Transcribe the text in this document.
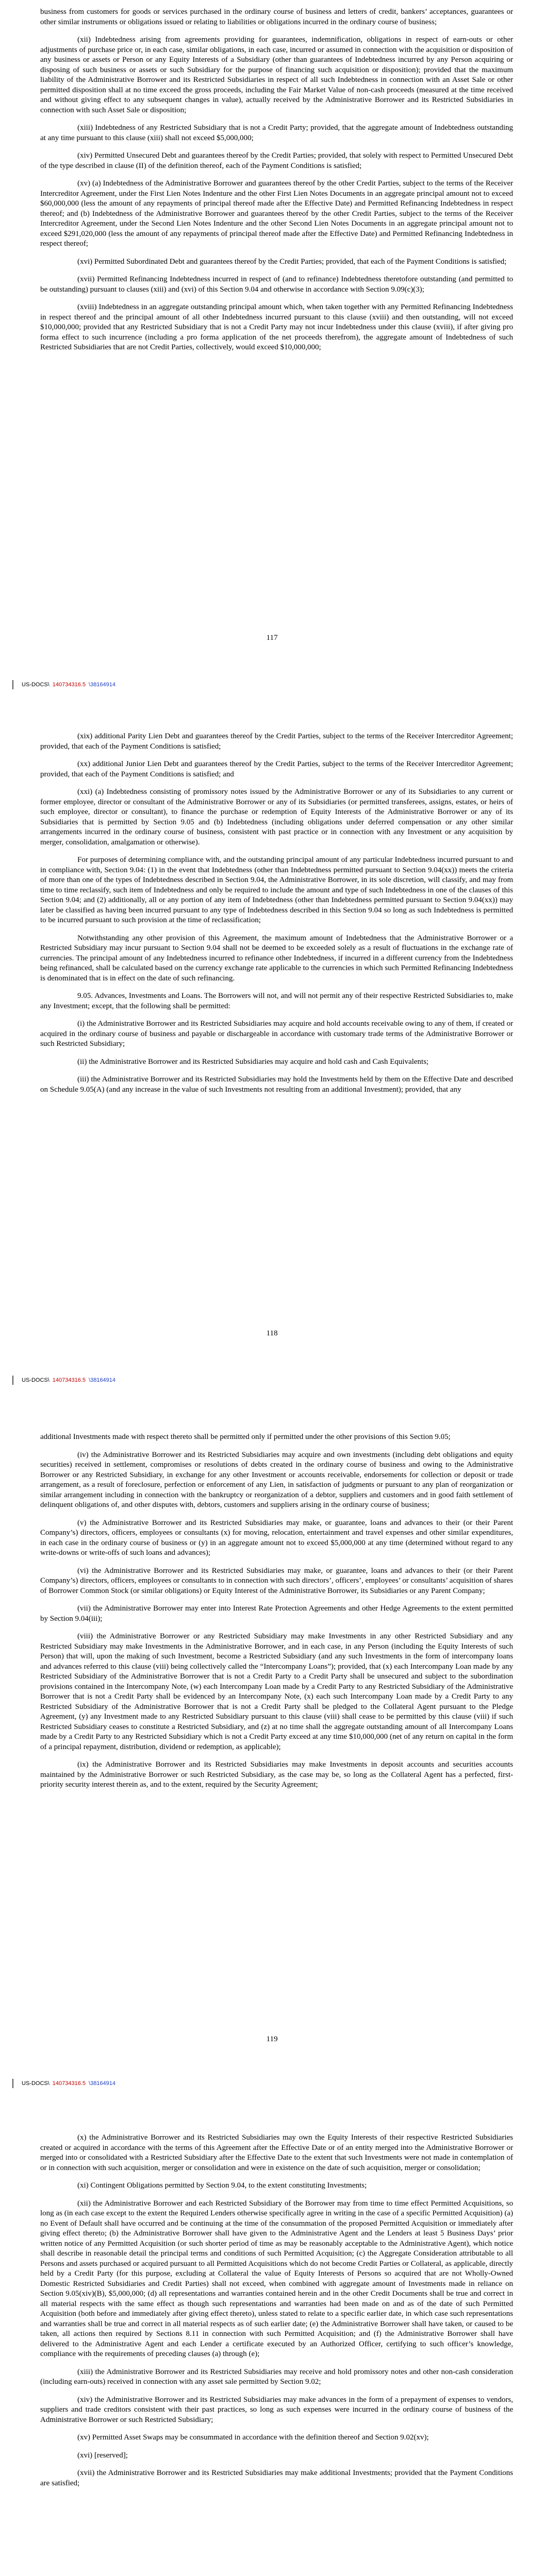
business from customers for goods or services purchased in the ordinary course of business and letters of credit, bankers’ acceptances, guarantees or other similar instruments or obligations issued or relating to liabilities or obligations incurred in the ordinary course of business;

(xii) Indebtedness arising from agreements providing for guarantees, indemnification, obligations in respect of earn-outs or other adjustments of purchase price or, in each case, similar obligations, in each case, incurred or assumed in connection with the acquisition or disposition of any business or assets or Person or any Equity Interests of a Subsidiary (other than guarantees of Indebtedness incurred by any Person acquiring or disposing of such business or assets or such Subsidiary for the purpose of financing such acquisition or disposition); provided that the maximum liability of the Administrative Borrower and its Restricted Subsidiaries in respect of all such Indebtedness in connection with an Asset Sale or other permitted disposition shall at no time exceed the gross proceeds, including the Fair Market Value of non-cash proceeds (measured at the time received and without giving effect to any subsequent changes in value), actually received by the Administrative Borrower and its Restricted Subsidiaries in connection with such Asset Sale or disposition;

(xiii) Indebtedness of any Restricted Subsidiary that is not a Credit Party; provided, that the aggregate amount of Indebtedness outstanding at any time pursuant to this clause (xiii) shall not exceed $5,000,000;

(xiv) Permitted Unsecured Debt and guarantees thereof by the Credit Parties; provided, that solely with respect to Permitted Unsecured Debt of the type described in clause (II) of the definition thereof, each of the Payment Conditions is satisfied;

(xv) (a) Indebtedness of the Administrative Borrower and guarantees thereof by the other Credit Parties, subject to the terms of the Receiver Intercreditor Agreement, under the First Lien Notes Indenture and the other First Lien Notes Documents in an aggregate principal amount not to exceed $60,000,000 (less the amount of any repayments of principal thereof made after the Effective Date) and Permitted Refinancing Indebtedness in respect thereof; and (b) Indebtedness of the Administrative Borrower and guarantees thereof by the other Credit Parties, subject to the terms of the Receiver Intercreditor Agreement, under the Second Lien Notes Indenture and the other Second Lien Notes Documents in an aggregate principal amount not to exceed $291,020,000 (less the amount of any repayments of principal thereof made after the Effective Date) and Permitted Refinancing Indebtedness in respect thereof;

(xvi) Permitted Subordinated Debt and guarantees thereof by the Credit Parties; provided, that each of the Payment Conditions is satisfied;

(xvii) Permitted Refinancing Indebtedness incurred in respect of (and to refinance) Indebtedness theretofore outstanding (and permitted to be outstanding) pursuant to clauses (xiii) and (xvi) of this Section 9.04 and otherwise in accordance with Section 9.09(c)(3);

(xviii) Indebtedness in an aggregate outstanding principal amount which, when taken together with any Permitted Refinancing Indebtedness in respect thereof and the principal amount of all other Indebtedness incurred pursuant to this clause (xviii) and then outstanding, will not exceed $10,000,000; provided that any Restricted Subsidiary that is not a Credit Party may not incur Indebtedness under this clause (xviii), if after giving pro forma effect to such incurrence (including a pro forma application of the net proceeds therefrom), the aggregate amount of Indebtedness of such Restricted Subsidiaries that are not Credit Parties, collectively, would exceed $10,000,000;

117
US-DOCS\ 140734316.5 \38164914

(xix) additional Parity Lien Debt and guarantees thereof by the Credit Parties, subject to the terms of the Receiver Intercreditor Agreement; provided, that each of the Payment Conditions is satisfied;

(xx) additional Junior Lien Debt and guarantees thereof by the Credit Parties, subject to the terms of the Receiver Intercreditor Agreement; provided, that each of the Payment Conditions is satisfied; and

(xxi) (a) Indebtedness consisting of promissory notes issued by the Administrative Borrower or any of its Subsidiaries to any current or former employee, director or consultant of the Administrative Borrower or any of its Subsidiaries (or permitted transferees, assigns, estates, or heirs of such employee, director or consultant), to finance the purchase or redemption of Equity Interests of the Administrative Borrower or any of its Subsidiaries that is permitted by Section 9.05 and (b) Indebtedness (including obligations under deferred compensation or any other similar arrangements incurred in the ordinary course of business, consistent with past practice or in connection with any Investment or any acquisition by merger, consolidation, amalgamation or otherwise).

For purposes of determining compliance with, and the outstanding principal amount of any particular Indebtedness incurred pursuant to and in compliance with, Section 9.04: (1) in the event that Indebtedness (other than Indebtedness permitted pursuant to Section 9.04(xx)) meets the criteria of more than one of the types of Indebtedness described in Section 9.04, the Administrative Borrower, in its sole discretion, will classify, and may from time to time reclassify, such item of Indebtedness and only be required to include the amount and type of such Indebtedness in one of the clauses of this Section 9.04; and (2) additionally, all or any portion of any item of Indebtedness (other than Indebtedness permitted pursuant to Section 9.04(xx)) may later be classified as having been incurred pursuant to any type of Indebtedness described in this Section 9.04 so long as such Indebtedness is permitted to be incurred pursuant to such provision at the time of reclassification;

Notwithstanding any other provision of this Agreement, the maximum amount of Indebtedness that the Administrative Borrower or a Restricted Subsidiary may incur pursuant to Section 9.04 shall not be deemed to be exceeded solely as a result of fluctuations in the exchange rate of currencies. The principal amount of any Indebtedness incurred to refinance other Indebtedness, if incurred in a different currency from the Indebtedness being refinanced, shall be calculated based on the currency exchange rate applicable to the currencies in which such Permitted Refinancing Indebtedness is denominated that is in effect on the date of such refinancing.

9.05. Advances, Investments and Loans. The Borrowers will not, and will not permit any of their respective Restricted Subsidiaries to, make any Investment; except, that the following shall be permitted:

(i) the Administrative Borrower and its Restricted Subsidiaries may acquire and hold accounts receivable owing to any of them, if created or acquired in the ordinary course of business and payable or dischargeable in accordance with customary trade terms of the Administrative Borrower or such Restricted Subsidiary;

(ii) the Administrative Borrower and its Restricted Subsidiaries may acquire and hold cash and Cash Equivalents;

(iii) the Administrative Borrower and its Restricted Subsidiaries may hold the Investments held by them on the Effective Date and described on Schedule 9.05(A) (and any increase in the value of such Investments not resulting from an additional Investment); provided, that any

118
US-DOCS\ 140734316.5 \38164914

additional Investments made with respect thereto shall be permitted only if permitted under the other provisions of this Section 9.05;

(iv) the Administrative Borrower and its Restricted Subsidiaries may acquire and own investments (including debt obligations and equity securities) received in settlement, compromises or resolutions of debts created in the ordinary course of business and owing to the Administrative Borrower or any Restricted Subsidiary, in exchange for any other Investment or accounts receivable, endorsements for collection or deposit or trade arrangement, as a result of foreclosure, perfection or enforcement of any Lien, in satisfaction of judgments or pursuant to any plan of reorganization or similar arrangement including in connection with the bankruptcy or reorganization of a debtor, suppliers and customers and in good faith settlement of delinquent obligations of, and other disputes with, debtors, customers and suppliers arising in the ordinary course of business;

(v) the Administrative Borrower and its Restricted Subsidiaries may make, or guarantee, loans and advances to their (or their Parent Company’s) directors, officers, employees or consultants (x) for moving, relocation, entertainment and travel expenses and other similar expenditures, in each case in the ordinary course of business or (y) in an aggregate amount not to exceed $5,000,000 at any time (determined without regard to any write-downs or write-offs of such loans and advances);

(vi) the Administrative Borrower and its Restricted Subsidiaries may make, or guarantee, loans and advances to their (or their Parent Company’s) directors, officers, employees or consultants to in connection with such directors’, officers’, employees’ or consultants’ acquisition of shares of Borrower Common Stock (or similar obligations) or Equity Interest of the Administrative Borrower, its Subsidiaries or any Parent Company;

(vii) the Administrative Borrower may enter into Interest Rate Protection Agreements and other Hedge Agreements to the extent permitted by Section 9.04(iii);

(viii) the Administrative Borrower or any Restricted Subsidiary may make Investments in any other Restricted Subsidiary and any Restricted Subsidiary may make Investments in the Administrative Borrower, and in each case, in any Person (including the Equity Interests of such Person) that will, upon the making of such Investment, become a Restricted Subsidiary (and any such Investments in the form of intercompany loans and advances referred to this clause (viii) being collectively called the “Intercompany Loans”); provided, that (x) each Intercompany Loan made by any Restricted Subsidiary of the Administrative Borrower that is not a Credit Party to a Credit Party shall be unsecured and subject to the subordination provisions contained in the Intercompany Note, (w) each Intercompany Loan made by a Credit Party to any Restricted Subsidiary of the Administrative Borrower that is not a Credit Party shall be evidenced by an Intercompany Note, (x) each such Intercompany Loan made by a Credit Party to any Restricted Subsidiary of the Administrative Borrower that is not a Credit Party shall be pledged to the Collateral Agent pursuant to the Pledge Agreement, (y) any Investment made to any Restricted Subsidiary pursuant to this clause (viii) shall cease to be permitted by this clause (viii) if such Restricted Subsidiary ceases to constitute a Restricted Subsidiary, and (z) at no time shall the aggregate outstanding amount of all Intercompany Loans made by a Credit Party to any Restricted Subsidiary which is not a Credit Party exceed at any time $10,000,000 (net of any return on capital in the form of a principal repayment, distribution, dividend or redemption, as applicable);

(ix) the Administrative Borrower and its Restricted Subsidiaries may make Investments in deposit accounts and securities accounts maintained by the Administrative Borrower or such Restricted Subsidiary, as the case may be, so long as the Collateral Agent has a perfected, first-priority security interest therein as, and to the extent, required by the Security Agreement;

119
US-DOCS\ 140734316.5 \38164914

(x) the Administrative Borrower and its Restricted Subsidiaries may own the Equity Interests of their respective Restricted Subsidiaries created or acquired in accordance with the terms of this Agreement after the Effective Date or of an entity merged into the Administrative Borrower or merged into or consolidated with a Restricted Subsidiary after the Effective Date to the extent that such Investments were not made in contemplation of or in connection with such acquisition, merger or consolidation and were in existence on the date of such acquisition, merger or consolidation;

(xi) Contingent Obligations permitted by Section 9.04, to the extent constituting Investments;

(xii) the Administrative Borrower and each Restricted Subsidiary of the Borrower may from time to time effect Permitted Acquisitions, so long as (in each case except to the extent the Required Lenders otherwise specifically agree in writing in the case of a specific Permitted Acquisition) (a) no Event of Default shall have occurred and be continuing at the time of the consummation of the proposed Permitted Acquisition or immediately after giving effect thereto; (b) the Administrative Borrower shall have given to the Administrative Agent and the Lenders at least 5 Business Days’ prior written notice of any Permitted Acquisition (or such shorter period of time as may be reasonably acceptable to the Administrative Agent), which notice shall describe in reasonable detail the principal terms and conditions of such Permitted Acquisition; (c) the Aggregate Consideration attributable to all Persons and assets purchased or acquired pursuant to all Permitted Acquisitions which do not become Credit Parties or Collateral, as applicable, directly held by a Credit Party (for this purpose, excluding at Collateral the value of Equity Interests of Persons so acquired that are not Wholly-Owned Domestic Restricted Subsidiaries and Credit Parties) shall not exceed, when combined with aggregate amount of Investments made in reliance on Section 9.05(xiv)(B), $5,000,000; (d) all representations and warranties contained herein and in the other Credit Documents shall be true and correct in all material respects with the same effect as though such representations and warranties had been made on and as of the date of such Permitted Acquisition (both before and immediately after giving effect thereto), unless stated to relate to a specific earlier date, in which case such representations and warranties shall be true and correct in all material respects as of such earlier date; (e) the Administrative Borrower shall have taken, or caused to be taken, all actions then required by Sections 8.11 in connection with such Permitted Acquisition; and (f) the Administrative Borrower shall have delivered to the Administrative Agent and each Lender a certificate executed by an Authorized Officer, certifying to such officer’s knowledge, compliance with the requirements of preceding clauses (a) through (e);

(xiii) the Administrative Borrower and its Restricted Subsidiaries may receive and hold promissory notes and other non-cash consideration (including earn-outs) received in connection with any asset sale permitted by Section 9.02;

(xiv) the Administrative Borrower and its Restricted Subsidiaries may make advances in the form of a prepayment of expenses to vendors, suppliers and trade creditors consistent with their past practices, so long as such expenses were incurred in the ordinary course of business of the Administrative Borrower or such Restricted Subsidiary;

(xv) Permitted Asset Swaps may be consummated in accordance with the definition thereof and Section 9.02(xv);

(xvi) [reserved];

(xvii) the Administrative Borrower and its Restricted Subsidiaries may make additional Investments; provided that the Payment Conditions are satisfied;
